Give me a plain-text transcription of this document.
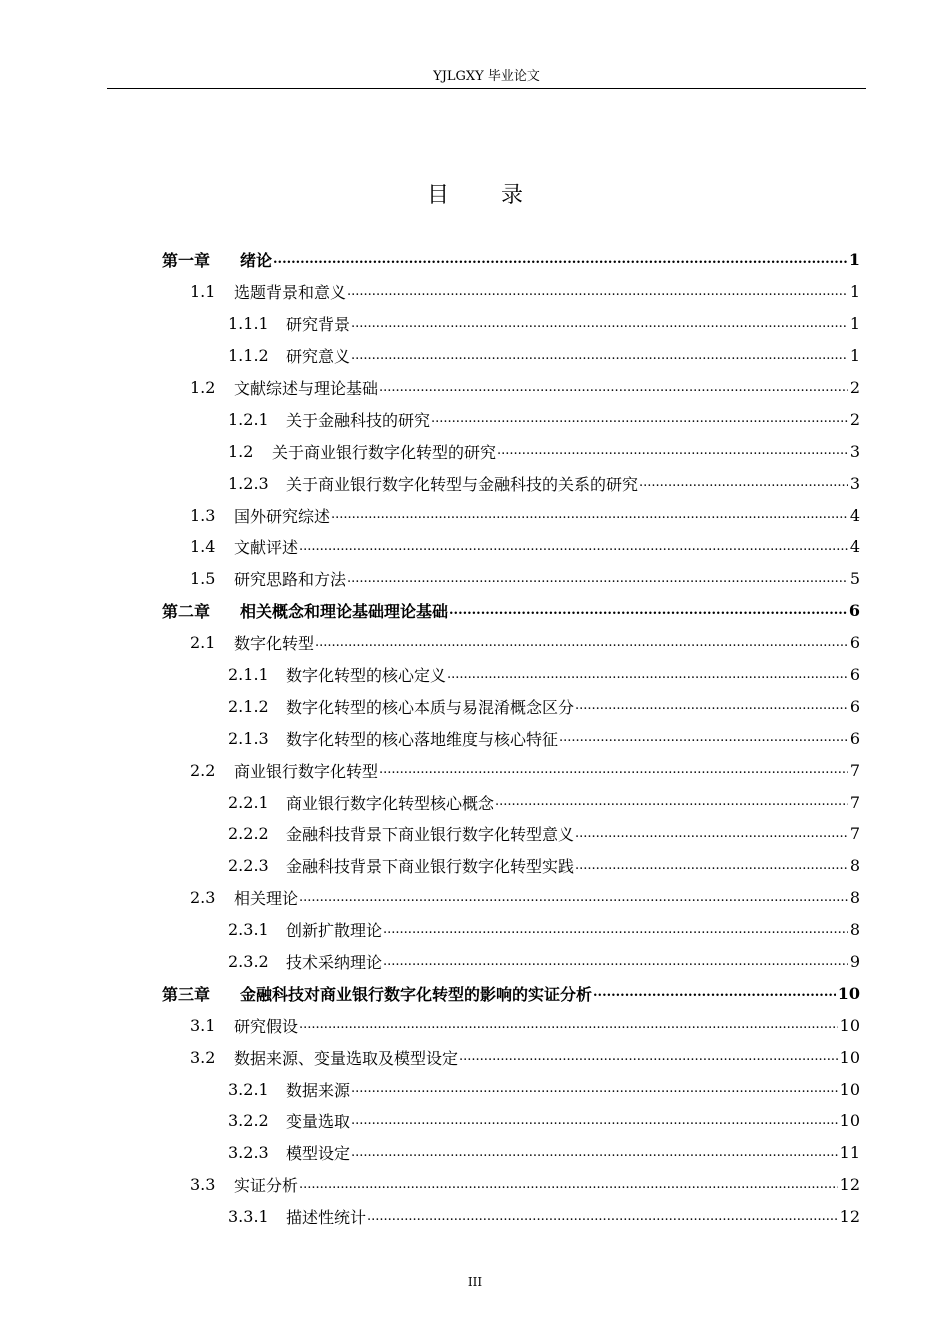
YJLGXY 毕业论文
目 录
第一章	绪论 .....	1
1.1	选题背景和意义 .....	1
1.1.1	研究背景 .....	1
1.1.2	研究意义 .....	1
1.2	文献综述与理论基础 .....	2
1.2.1	关于金融科技的研究 .....	2
1.2	关于商业银行数字化转型的研究 .....	3
1.2.3	关于商业银行数字化转型与金融科技的关系的研究 .....	3
1.3	国外研究综述 .....	4
1.4	文献评述 .....	4
1.5	研究思路和方法 .....	5
第二章	相关概念和理论基础理论基础 .....	6
2.1	数字化转型 .....	6
2.1.1	数字化转型的核心定义 .....	6
2.1.2	数字化转型的核心本质与易混淆概念区分 .....	6
2.1.3	数字化转型的核心落地维度与核心特征 .....	6
2.2	商业银行数字化转型 .....	7
2.2.1	商业银行数字化转型核心概念 .....	7
2.2.2	金融科技背景下商业银行数字化转型意义 .....	7
2.2.3	金融科技背景下商业银行数字化转型实践 .....	8
2.3	相关理论 .....	8
2.3.1	创新扩散理论 .....	8
2.3.2	技术采纳理论 .....	9
第三章	金融科技对商业银行数字化转型的影响的实证分析 .....	10
3.1	研究假设 .....	10
3.2	数据来源、变量选取及模型设定 .....	10
3.2.1	数据来源 .....	10
3.2.2	变量选取 .....	10
3.2.3	模型设定 .....	11
3.3	实证分析 .....	12
3.3.1	描述性统计 .....	12
III
